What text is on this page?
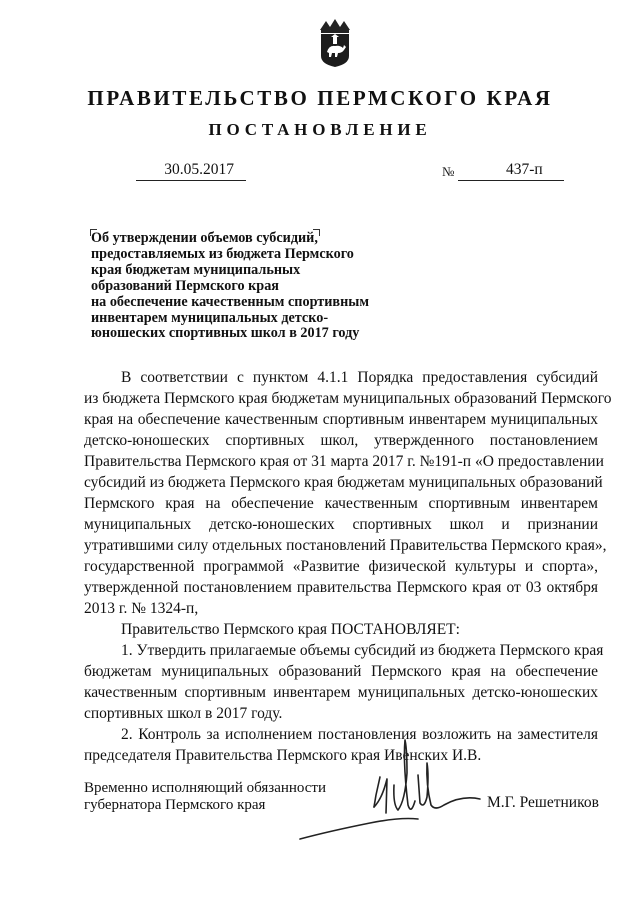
ПРАВИТЕЛЬСТВО ПЕРМСКОГО КРАЯ
ПОСТАНОВЛЕНИЕ
30.05.2017	№	437-п
Об утверждении объемов субсидий,
предоставляемых из бюджета Пермского
края бюджетам муниципальных
образований Пермского края
на обеспечение качественным спортивным
инвентарем муниципальных детско-
юношеских спортивных школ в 2017 году
В соответствии с пунктом 4.1.1 Порядка предоставления субсидий
из бюджета Пермского края бюджетам муниципальных образований Пермского
края на обеспечение качественным спортивным инвентарем муниципальных
детско-юношеских спортивных школ, утвержденного постановлением
Правительства Пермского края от 31 марта 2017 г. №191-п «О предоставлении
субсидий из бюджета Пермского края бюджетам муниципальных образований
Пермского края на обеспечение качественным спортивным инвентарем
муниципальных детско-юношеских спортивных школ и признании
утратившими силу отдельных постановлений Правительства Пермского края»,
государственной программой «Развитие физической культуры и спорта»,
утвержденной постановлением правительства Пермского края от 03 октября
2013 г. № 1324-п,
Правительство Пермского края ПОСТАНОВЛЯЕТ:
1. Утвердить прилагаемые объемы субсидий из бюджета Пермского края
бюджетам муниципальных образований Пермского края на обеспечение
качественным спортивным инвентарем муниципальных детско-юношеских
спортивных школ в 2017 году.
2. Контроль за исполнением постановления возложить на заместителя
председателя Правительства Пермского края Ивенских И.В.
Временно исполняющий обязанности
губернатора Пермского края	М.Г. Решетников
